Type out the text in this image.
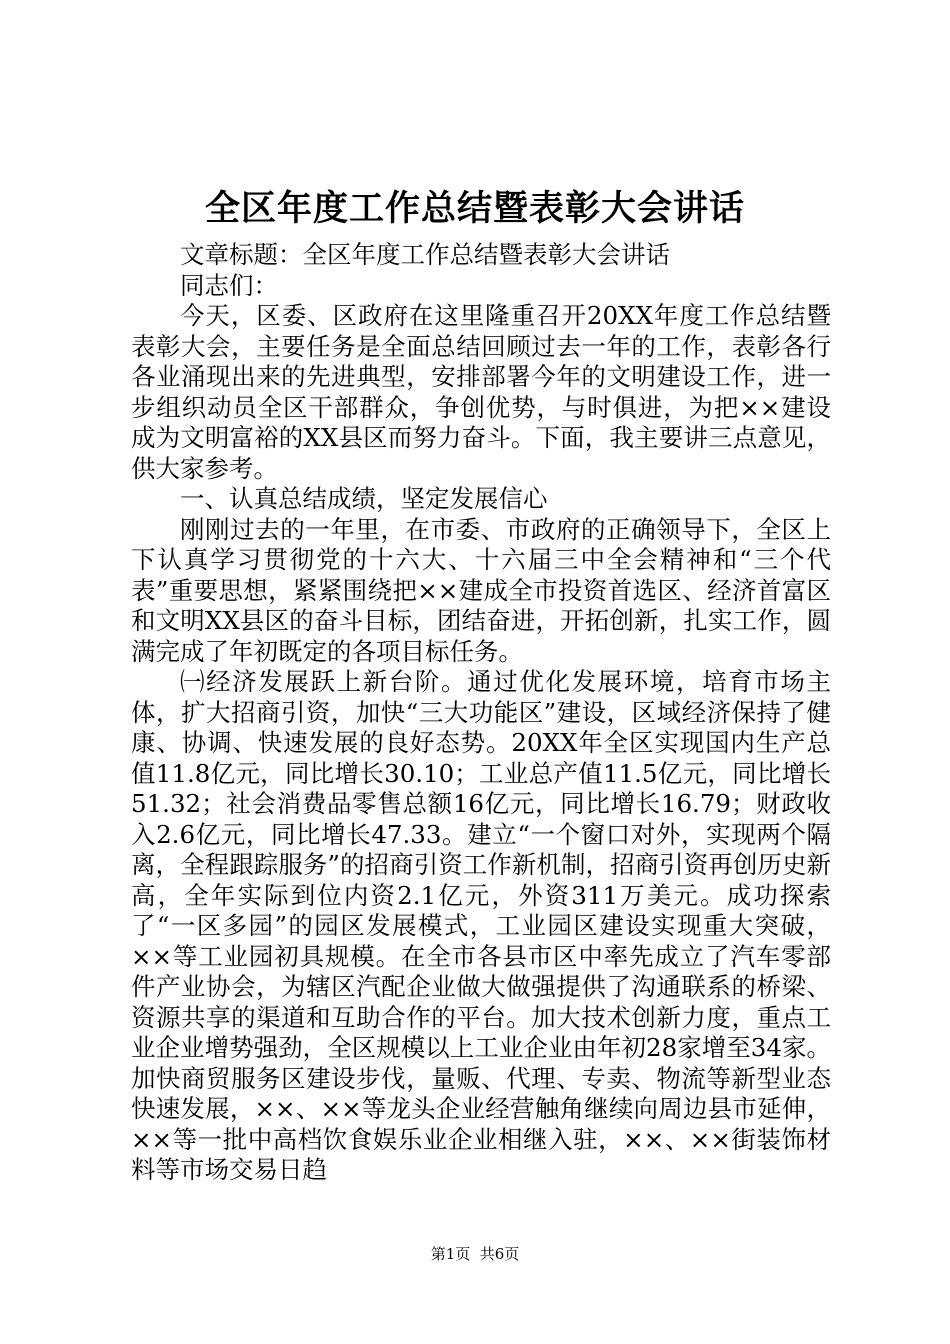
全区年度工作总结暨表彰大会讲话

文章标题：全区年度工作总结暨表彰大会讲话

同志们：

今天，区委、区政府在这里隆重召开20XX年度工作总结暨表彰大会，主要任务是全面总结回顾过去一年的工作，表彰各行各业涌现出来的先进典型，安排部署今年的文明建设工作，进一步组织动员全区干部群众，争创优势，与时俱进，为把××建设成为文明富裕的XX县区而努力奋斗。下面，我主要讲三点意见，供大家参考。

一、认真总结成绩，坚定发展信心

刚刚过去的一年里，在市委、市政府的正确领导下，全区上下认真学习贯彻党的十六大、十六届三中全会精神和“三个代表”重要思想，紧紧围绕把××建成全市投资首选区、经济首富区和文明XX县区的奋斗目标，团结奋进，开拓创新，扎实工作，圆满完成了年初既定的各项目标任务。

㈠经济发展跃上新台阶。通过优化发展环境，培育市场主体，扩大招商引资，加快“三大功能区”建设，区域经济保持了健康、协调、快速发展的良好态势。20XX年全区实现国内生产总值11.8亿元，同比增长30.10；工业总产值11.5亿元，同比增长51.32；社会消费品零售总额16亿元，同比增长16.79；财政收入2.6亿元，同比增长47.33。建立“一个窗口对外，实现两个隔离，全程跟踪服务”的招商引资工作新机制，招商引资再创历史新高，全年实际到位内资2.1亿元，外资311万美元。成功探索了“一区多园”的园区发展模式，工业园区建设实现重大突破，××等工业园初具规模。在全市各县市区中率先成立了汽车零部件产业协会，为辖区汽配企业做大做强提供了沟通联系的桥梁、资源共享的渠道和互助合作的平台。加大技术创新力度，重点工业企业增势强劲，全区规模以上工业企业由年初28家增至34家。加快商贸服务区建设步伐，量贩、代理、专卖、物流等新型业态快速发展，××、××等龙头企业经营触角继续向周边县市延伸，××等一批中高档饮食娱乐业企业相继入驻，××、××街装饰材料等市场交易日趋

第1页  共6页
